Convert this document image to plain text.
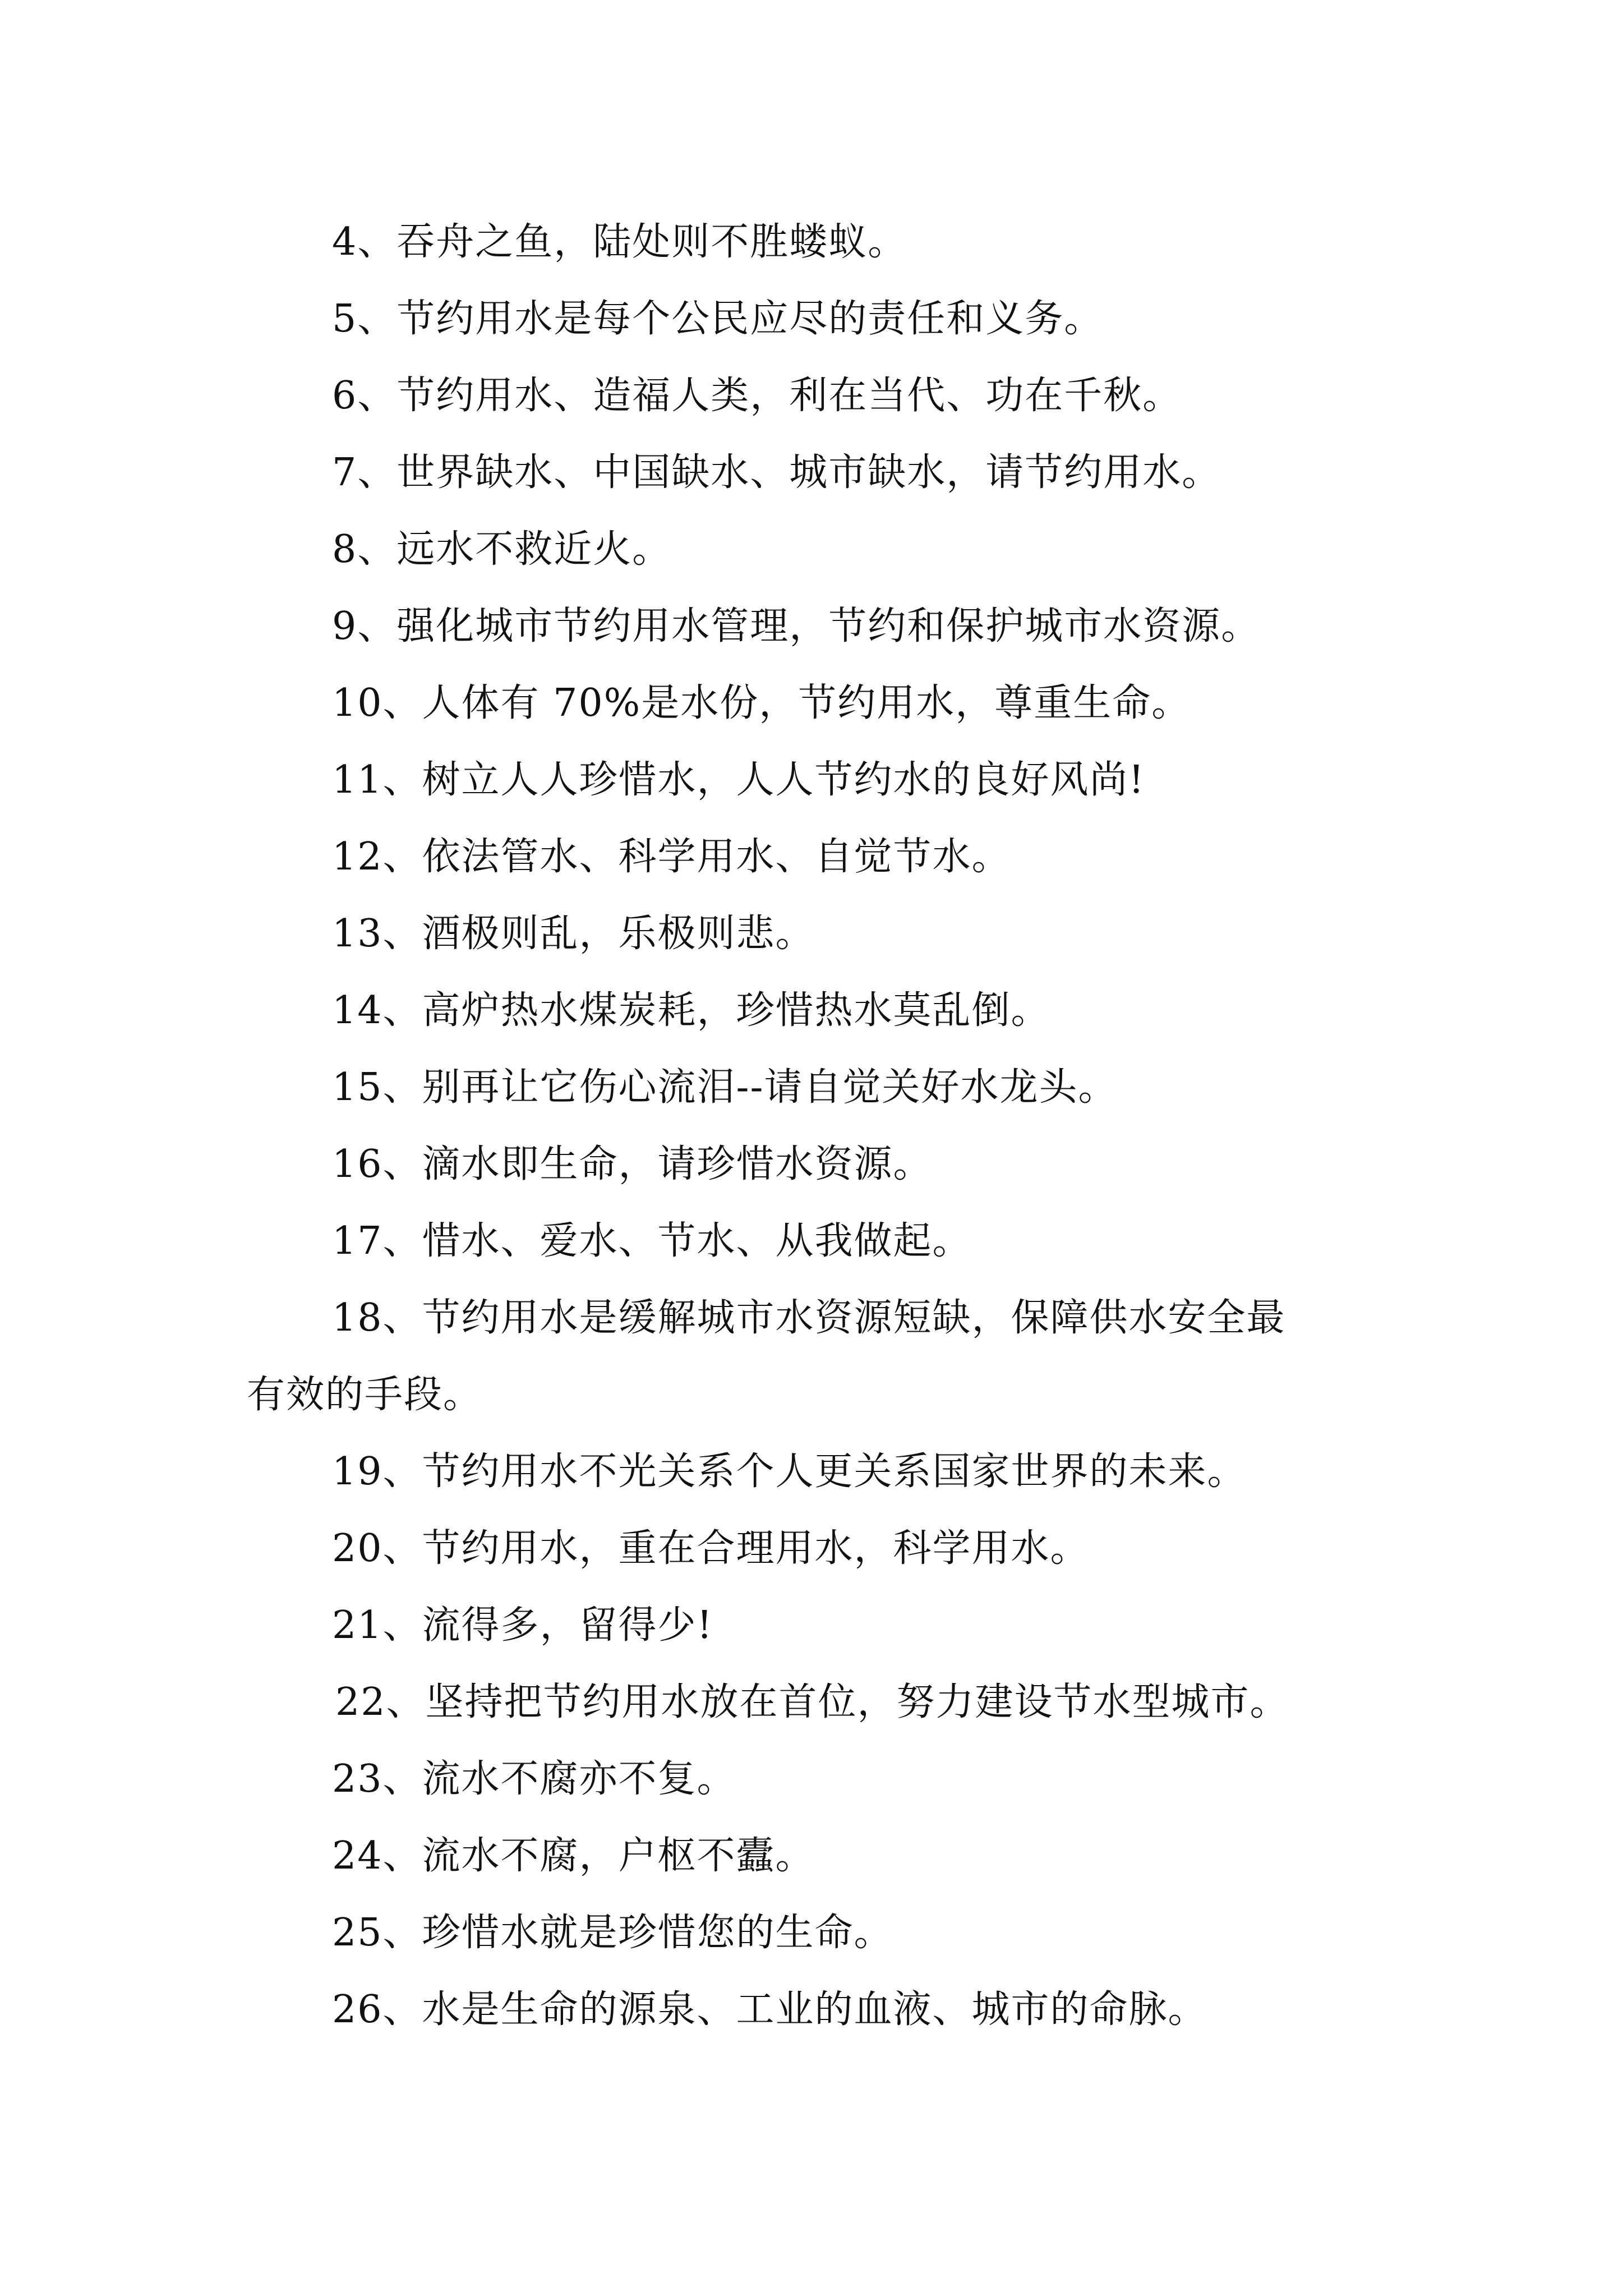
4、吞舟之鱼，陆处则不胜蝼蚁。
5、节约用水是每个公民应尽的责任和义务。
6、节约用水、造福人类，利在当代、功在千秋。
7、世界缺水、中国缺水、城市缺水，请节约用水。
8、远水不救近火。
9、强化城市节约用水管理，节约和保护城市水资源。
10、人体有 70%是水份，节约用水，尊重生命。
11、树立人人珍惜水，人人节约水的良好风尚!
12、依法管水、科学用水、自觉节水。
13、酒极则乱，乐极则悲。
14、高炉热水煤炭耗，珍惜热水莫乱倒。
15、别再让它伤心流泪--请自觉关好水龙头。
16、滴水即生命，请珍惜水资源。
17、惜水、爱水、节水、从我做起。
18、节约用水是缓解城市水资源短缺，保障供水安全最
有效的手段。
19、节约用水不光关系个人更关系国家世界的未来。
20、节约用水，重在合理用水，科学用水。
21、流得多，留得少!
22、坚持把节约用水放在首位，努力建设节水型城市。
23、流水不腐亦不复。
24、流水不腐，户枢不蠹。
25、珍惜水就是珍惜您的生命。
26、水是生命的源泉、工业的血液、城市的命脉。
